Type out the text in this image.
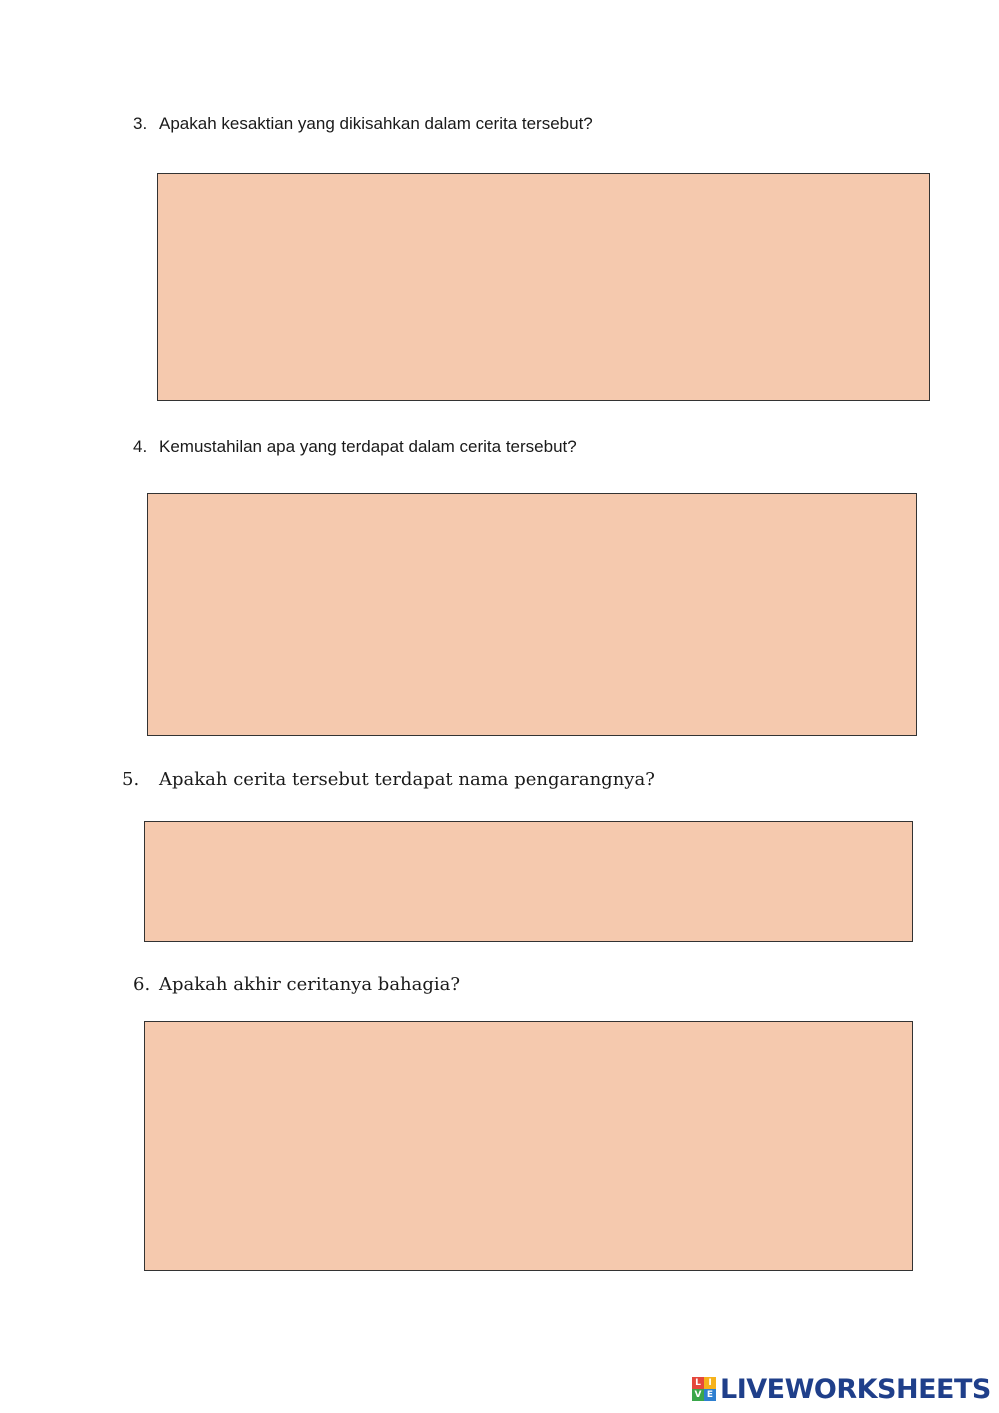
3. Apakah kesaktian yang dikisahkan dalam cerita tersebut?
4. Kemustahilan apa yang terdapat dalam cerita tersebut?
5. Apakah cerita tersebut terdapat nama pengarangnya?
6. Apakah akhir ceritanya bahagia?
L I
V E LIVEWORKSHEETS
